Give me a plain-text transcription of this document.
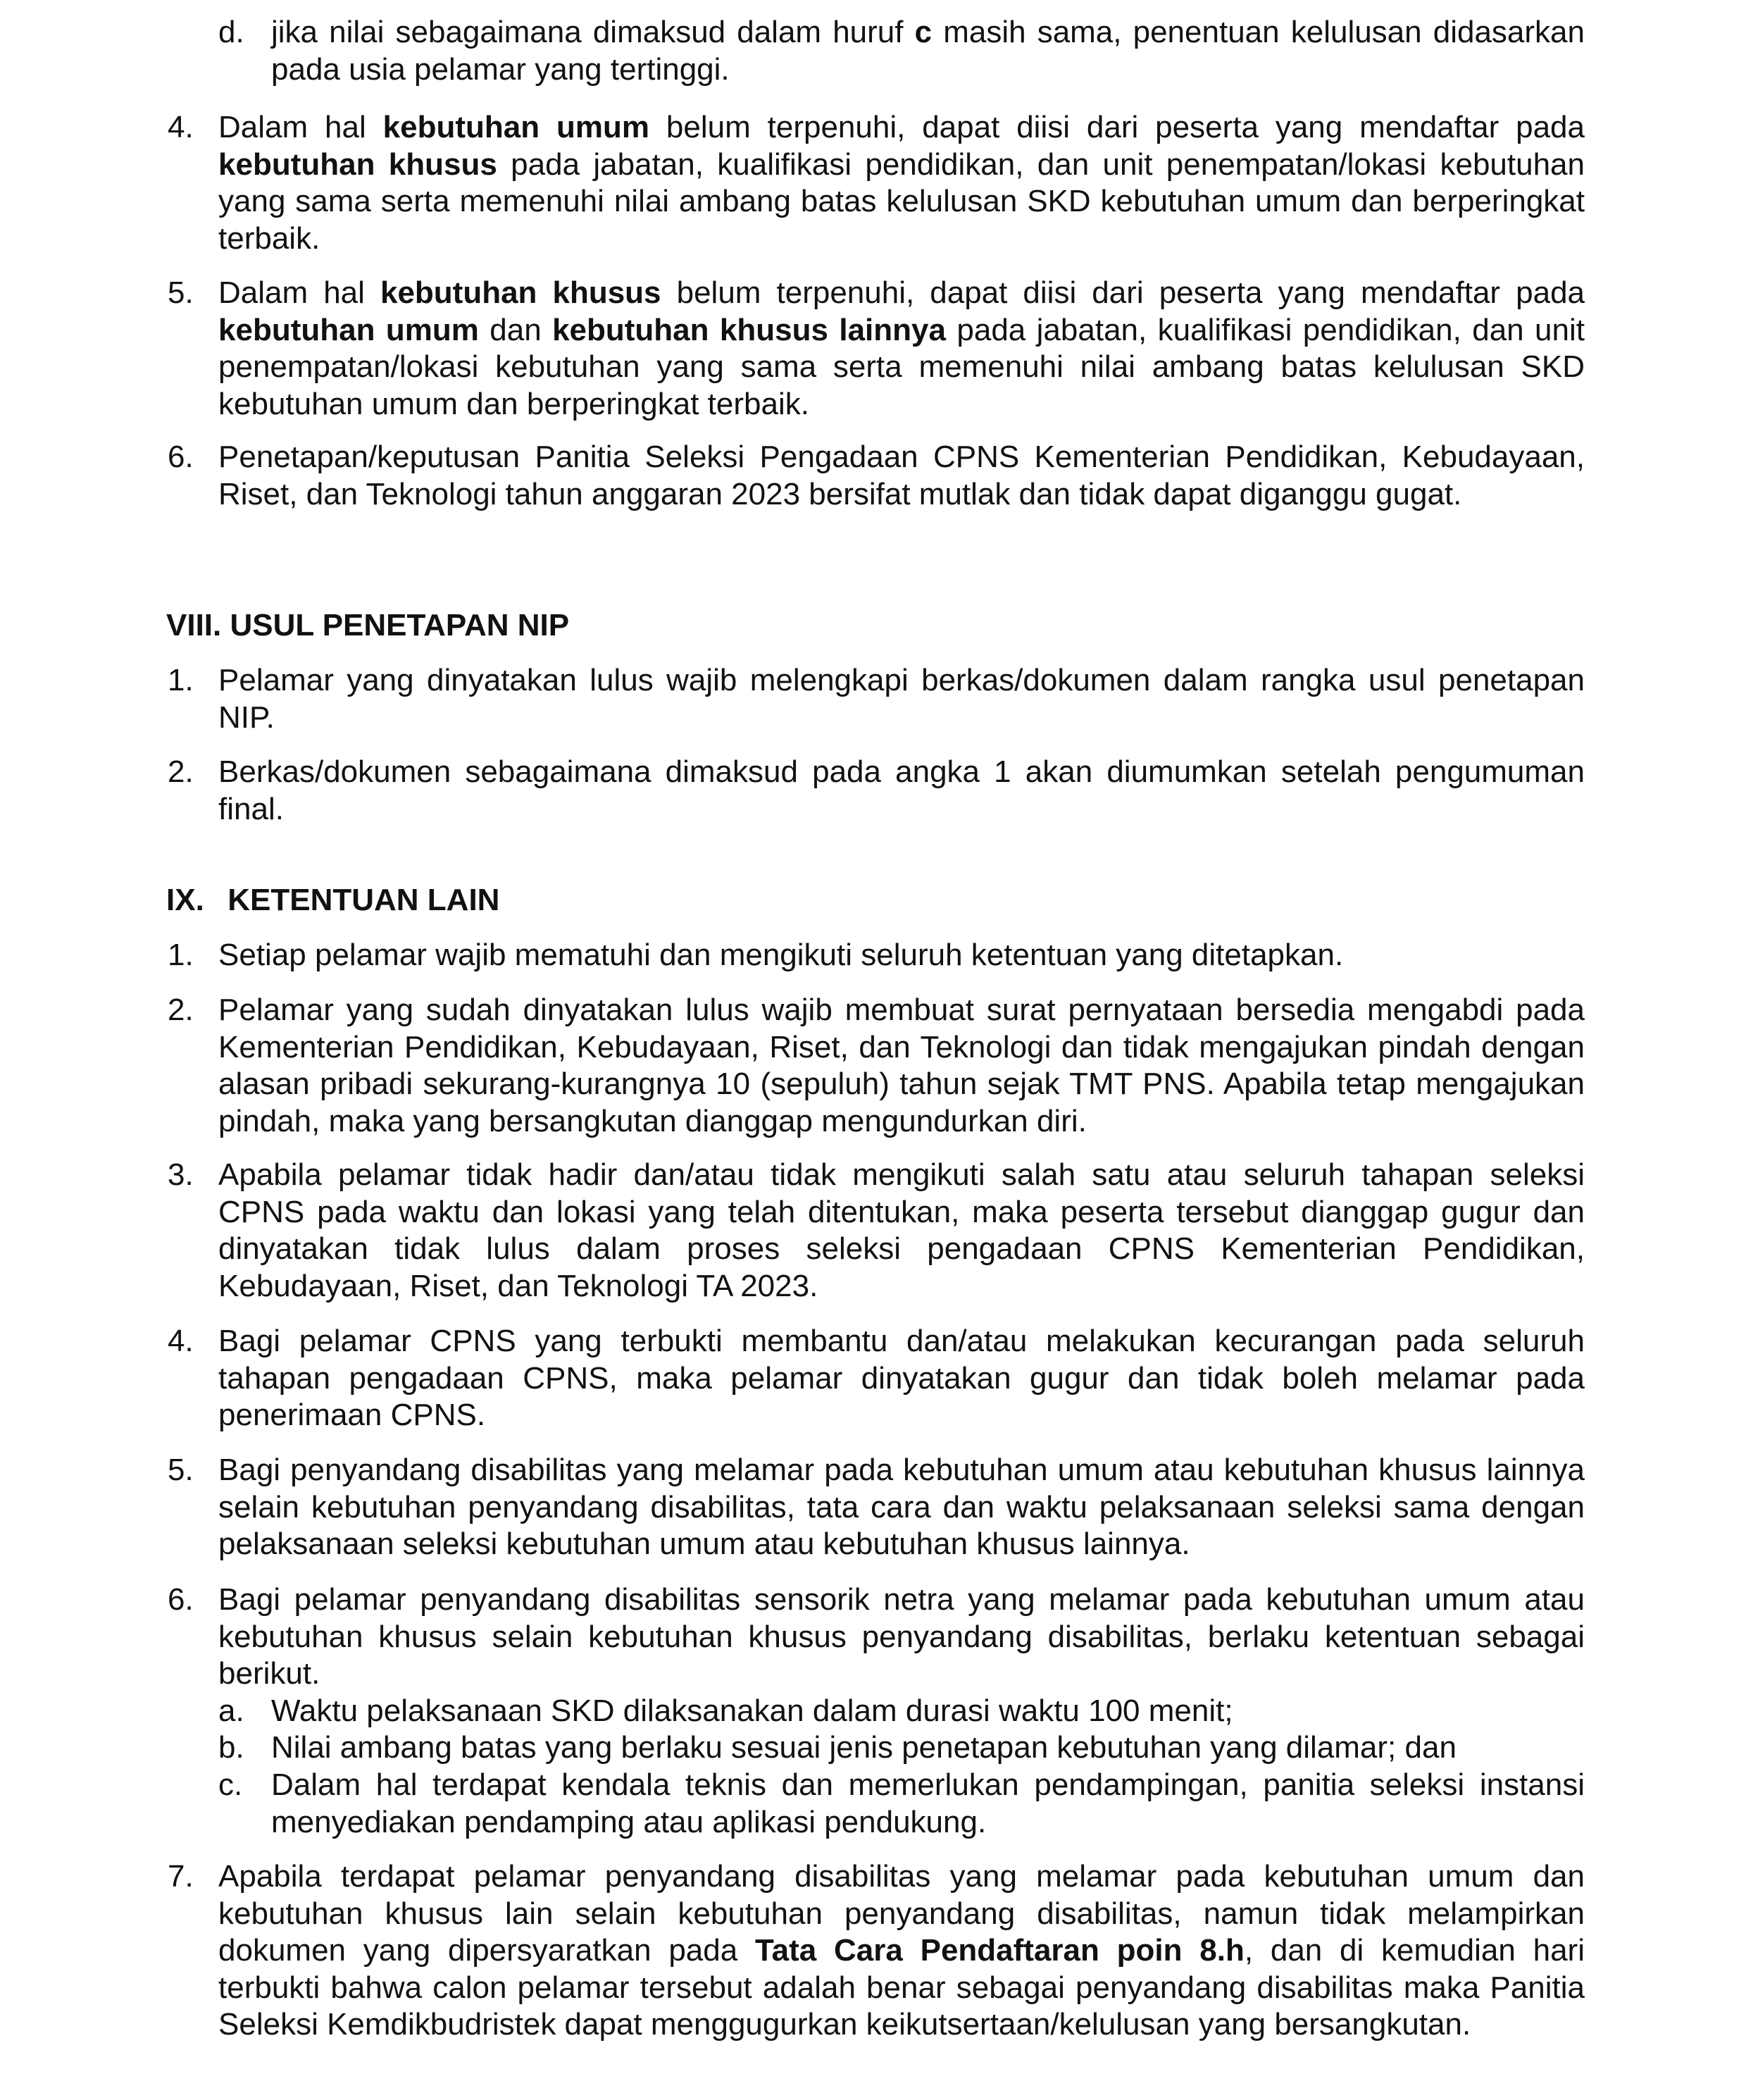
d. jika nilai sebagaimana dimaksud dalam huruf c masih sama, penentuan kelulusan didasarkan pada usia pelamar yang tertinggi.
4. Dalam hal kebutuhan umum belum terpenuhi, dapat diisi dari peserta yang mendaftar pada kebutuhan khusus pada jabatan, kualifikasi pendidikan, dan unit penempatan/lokasi kebutuhan yang sama serta memenuhi nilai ambang batas kelulusan SKD kebutuhan umum dan berperingkat terbaik.
5. Dalam hal kebutuhan khusus belum terpenuhi, dapat diisi dari peserta yang mendaftar pada kebutuhan umum dan kebutuhan khusus lainnya pada jabatan, kualifikasi pendidikan, dan unit penempatan/lokasi kebutuhan yang sama serta memenuhi nilai ambang batas kelulusan SKD kebutuhan umum dan berperingkat terbaik.
6. Penetapan/keputusan Panitia Seleksi Pengadaan CPNS Kementerian Pendidikan, Kebudayaan, Riset, dan Teknologi tahun anggaran 2023 bersifat mutlak dan tidak dapat diganggu gugat.
VIII. USUL PENETAPAN NIP
1. Pelamar yang dinyatakan lulus wajib melengkapi berkas/dokumen dalam rangka usul penetapan NIP.
2. Berkas/dokumen sebagaimana dimaksud pada angka 1 akan diumumkan setelah pengumuman final.
IX. KETENTUAN LAIN
1. Setiap pelamar wajib mematuhi dan mengikuti seluruh ketentuan yang ditetapkan.
2. Pelamar yang sudah dinyatakan lulus wajib membuat surat pernyataan bersedia mengabdi pada Kementerian Pendidikan, Kebudayaan, Riset, dan Teknologi dan tidak mengajukan pindah dengan alasan pribadi sekurang-kurangnya 10 (sepuluh) tahun sejak TMT PNS. Apabila tetap mengajukan pindah, maka yang bersangkutan dianggap mengundurkan diri.
3. Apabila pelamar tidak hadir dan/atau tidak mengikuti salah satu atau seluruh tahapan seleksi CPNS pada waktu dan lokasi yang telah ditentukan, maka peserta tersebut dianggap gugur dan dinyatakan tidak lulus dalam proses seleksi pengadaan CPNS Kementerian Pendidikan, Kebudayaan, Riset, dan Teknologi TA 2023.
4. Bagi pelamar CPNS yang terbukti membantu dan/atau melakukan kecurangan pada seluruh tahapan pengadaan CPNS, maka pelamar dinyatakan gugur dan tidak boleh melamar pada penerimaan CPNS.
5. Bagi penyandang disabilitas yang melamar pada kebutuhan umum atau kebutuhan khusus lainnya selain kebutuhan penyandang disabilitas, tata cara dan waktu pelaksanaan seleksi sama dengan pelaksanaan seleksi kebutuhan umum atau kebutuhan khusus lainnya.
6. Bagi pelamar penyandang disabilitas sensorik netra yang melamar pada kebutuhan umum atau kebutuhan khusus selain kebutuhan khusus penyandang disabilitas, berlaku ketentuan sebagai berikut.
a. Waktu pelaksanaan SKD dilaksanakan dalam durasi waktu 100 menit;
b. Nilai ambang batas yang berlaku sesuai jenis penetapan kebutuhan yang dilamar; dan
c. Dalam hal terdapat kendala teknis dan memerlukan pendampingan, panitia seleksi instansi menyediakan pendamping atau aplikasi pendukung.
7. Apabila terdapat pelamar penyandang disabilitas yang melamar pada kebutuhan umum dan kebutuhan khusus lain selain kebutuhan penyandang disabilitas, namun tidak melampirkan dokumen yang dipersyaratkan pada Tata Cara Pendaftaran poin 8.h, dan di kemudian hari terbukti bahwa calon pelamar tersebut adalah benar sebagai penyandang disabilitas maka Panitia Seleksi Kemdikbudristek dapat menggugurkan keikutsertaan/kelulusan yang bersangkutan.
